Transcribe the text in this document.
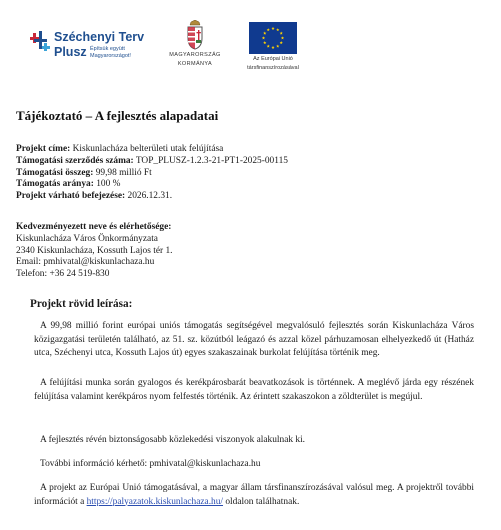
Széchenyi Terv
Plusz Építsük együtt Magyarországot!	MAGYARORSZÁG
KORMÁNYA
Az Európai Unió
társfinanszírozásával
Tájékoztató – A fejlesztés alapadatai
Projekt címe: Kiskunlacháza belterületi utak felújítása
Támogatási szerződés száma: TOP_PLUSZ-1.2.3-21-PT1-2025-00115
Támogatási összeg: 99,98 millió Ft
Támogatás aránya: 100 %
Projekt várható befejezése: 2026.12.31.
Kedvezményezett neve és elérhetősége:
Kiskunlacháza Város Önkormányzata
2340 Kiskunlacháza, Kossuth Lajos tér 1.
Email: pmhivatal@kiskunlachaza.hu
Telefon: +36 24 519-830
Projekt rövid leírása:
A 99,98 millió forint európai uniós támogatás segítségével megvalósuló fejlesztés során Kiskunlacháza Város közigazgatási területén található, az 51. sz. közútból leágazó és azzal közel párhuzamosan elhelyezkedő út (Hatház utca, Széchenyi utca, Kossuth Lajos út) egyes szakaszainak burkolat felújítása történik meg.
A felújítási munka során gyalogos és kerékpárosbarát beavatkozások is történnek. A meglévő járda egy részének felújítása valamint kerékpáros nyom felfestés történik. Az érintett szakaszokon a zöldterület is megújul.
A fejlesztés révén biztonságosabb közlekedési viszonyok alakulnak ki.
További információ kérhető: pmhivatal@kiskunlachaza.hu
A projekt az Európai Unió támogatásával, a magyar állam társfinanszírozásával valósul meg. A projektről további információt a https://palyazatok.kiskunlachaza.hu/ oldalon találhatnak.
